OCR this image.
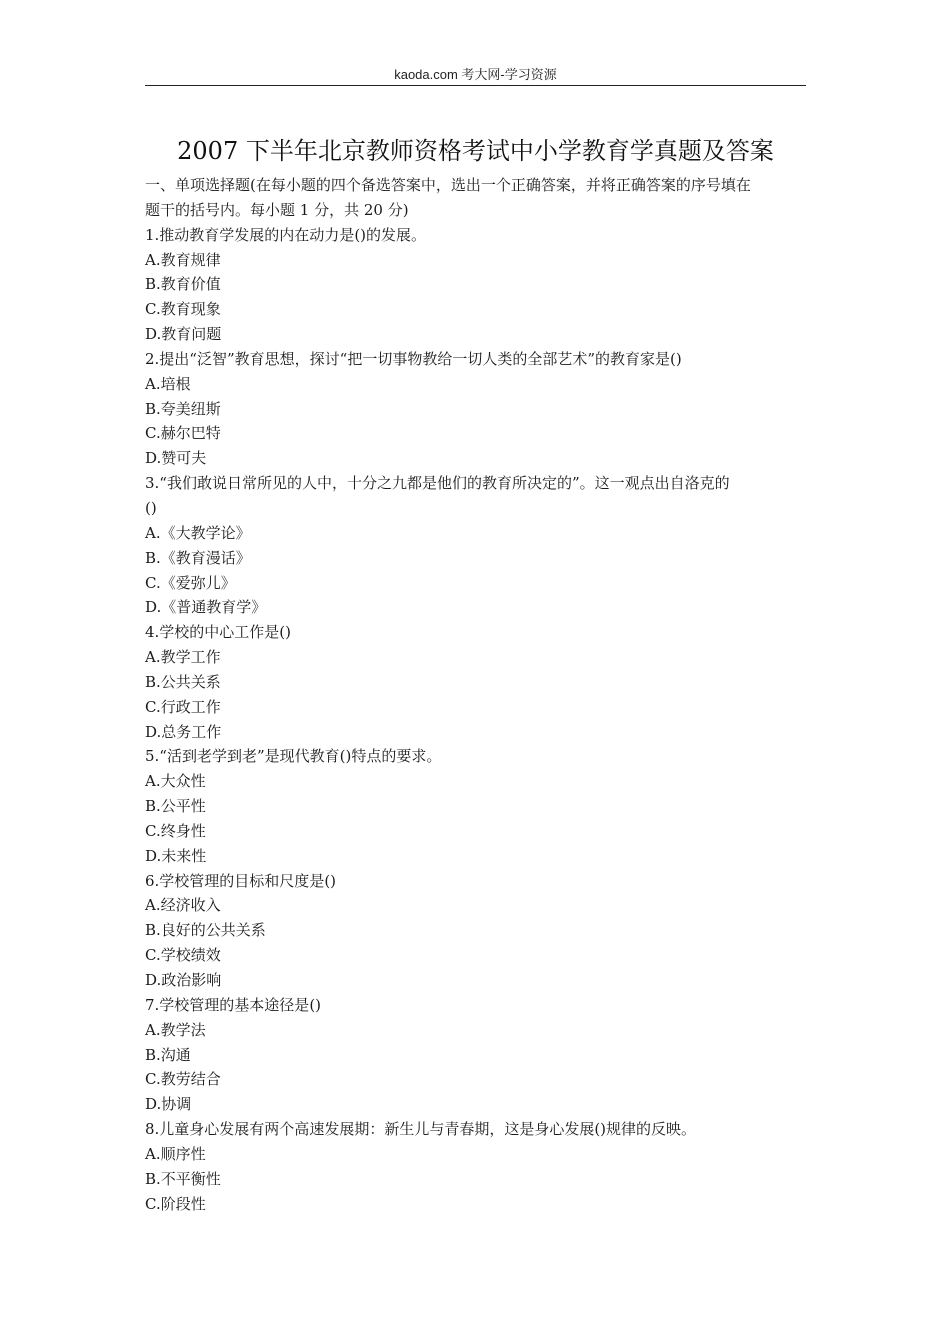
kaoda.com 考大网-学习资源
2007 下半年北京教师资格考试中小学教育学真题及答案
一、单项选择题(在每小题的四个备选答案中，选出一个正确答案，并将正确答案的序号填在
题干的括号内。每小题 1 分，共 20 分)
1.推动教育学发展的内在动力是()的发展。
A.教育规律
B.教育价值
C.教育现象
D.教育问题
2.提出“泛智”教育思想，探讨“把一切事物教给一切人类的全部艺术”的教育家是()
A.培根
B.夸美纽斯
C.赫尔巴特
D.赞可夫
3.“我们敢说日常所见的人中，十分之九都是他们的教育所决定的”。这一观点出自洛克的
()
A.《大教学论》
B.《教育漫话》
C.《爱弥儿》
D.《普通教育学》
4.学校的中心工作是()
A.教学工作
B.公共关系
C.行政工作
D.总务工作
5.“活到老学到老”是现代教育()特点的要求。
A.大众性
B.公平性
C.终身性
D.未来性
6.学校管理的目标和尺度是()
A.经济收入
B.良好的公共关系
C.学校绩效
D.政治影响
7.学校管理的基本途径是()
A.教学法
B.沟通
C.教劳结合
D.协调
8.儿童身心发展有两个高速发展期：新生儿与青春期，这是身心发展()规律的反映。
A.顺序性
B.不平衡性
C.阶段性
